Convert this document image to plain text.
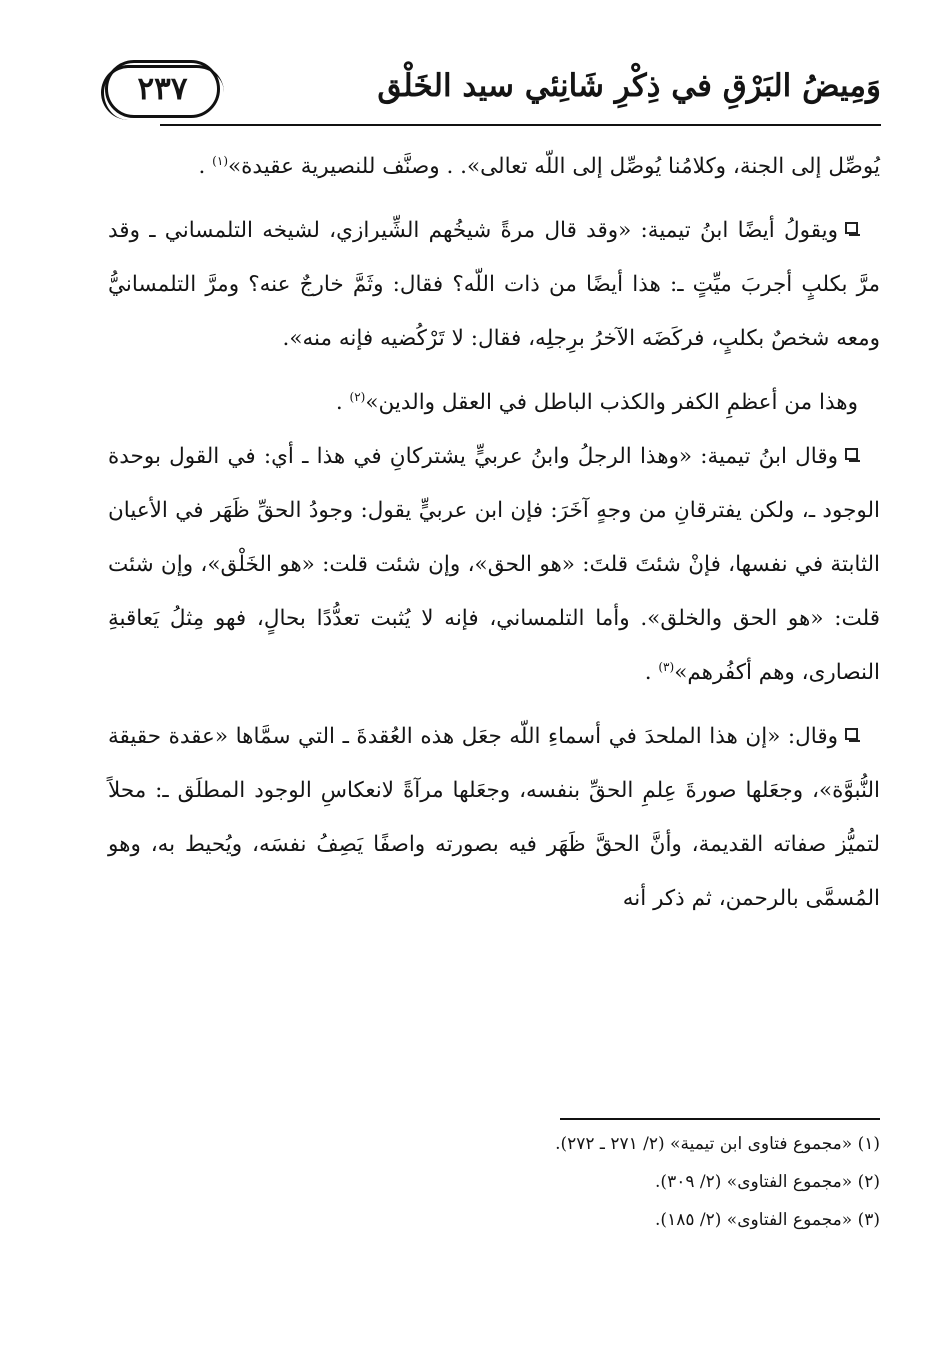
٢٣٧	وَمِيضُ البَرْقِ في ذِكْرِ شَانِئي سيد الخَلْق

يُوصِّل إلى الجنة، وكلامُنا يُوصِّل إلى اللّه تعالى». . وصنَّف للنصيرية عقيدة»$^{(١)}$ .

ويقولُ أيضًا ابنُ تيمية: «وقد قال مرةً شيخُهم الشِّيرازي، لشيخه التلمساني ـ وقد مرَّ بكلبٍ أجربَ ميِّتٍ ـ: هذا أيضًا من ذات اللّه؟ فقال: وثَمَّ خارجٌ عنه؟ ومرَّ التلمسانيُّ ومعه شخصٌ بكلبٍ، فركَضَه الآخرُ برِجلِه، فقال: لا تَرْكُضيه فإنه منه».

وهذا من أعظمِ الكفر والكذب الباطل في العقل والدين»$^{(٢)}$ .

وقال ابنُ تيمية: «وهذا الرجلُ وابنُ عربيٍّ يشتركانِ في هذا ـ أي: في القول بوحدة الوجود ـ، ولكن يفترقانِ من وجهٍ آخَرَ: فإن ابن عربيٍّ يقول: وجودُ الحقِّ ظَهَر في الأعيان الثابتة في نفسها، فإنْ شئتَ قلتَ: «هو الحق»، وإن شئت قلت: «هو الخَلْق»، وإن شئت قلت: «هو الحق والخلق». وأما التلمساني، فإنه لا يُثبت تعدُّدًا بحالٍ، فهو مِثلُ يَعاقبةِ النصارى، وهم أكفُرهم»$^{(٣)}$ .

وقال: «إن هذا الملحدَ في أسماءِ اللّه جعَل هذه العُقدةَ ـ التي سمَّاها «عقدة حقيقة النُّبوَّة»، وجعَلها صورةَ عِلمِ الحقِّ بنفسه، وجعَلها مرآةً لانعكاسِ الوجود المطلَق ـ: محلاً لتميُّز صفاته القديمة، وأنَّ الحقَّ ظَهَر فيه بصورته واصفًا يَصِفُ نفسَه، ويُحيط به، وهو المُسمَّى بالرحمن، ثم ذكر أنه

(١) «مجموع فتاوى ابن تيمية» (٢/ ٢٧١ ـ ٢٧٢).

(٢) «مجموع الفتاوى» (٢/ ٣٠٩).

(٣) «مجموع الفتاوى» (٢/ ١٨٥).
